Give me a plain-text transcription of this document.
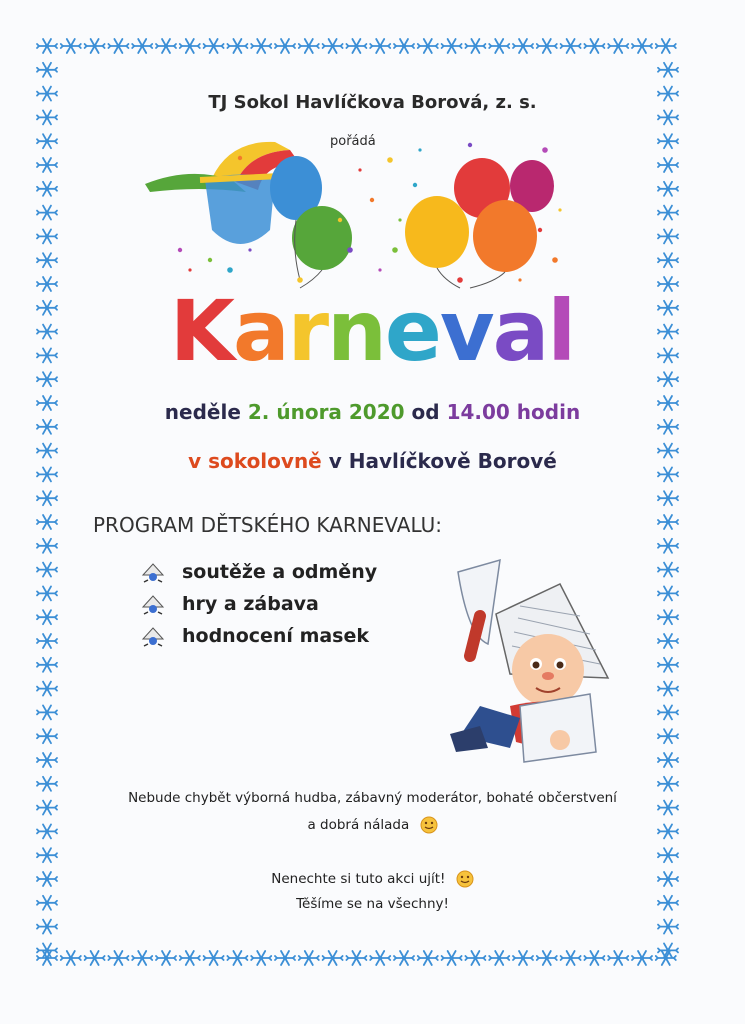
TJ Sokol Havlíčkova Borová, z. s.
pořádá
Karneval
neděle 2. února 2020 od 14.00 hodin
v sokolovně v Havlíčkově Borové
PROGRAM DĚTSKÉHO KARNEVALU:
soutěže a odměny
hry a zábava
hodnocení masek
Nebude chybět výborná hudba, zábavný moderátor, bohaté občerstvení
a dobrá nálada
Nenechte si tuto akci ujít!
Těšíme se na všechny!
